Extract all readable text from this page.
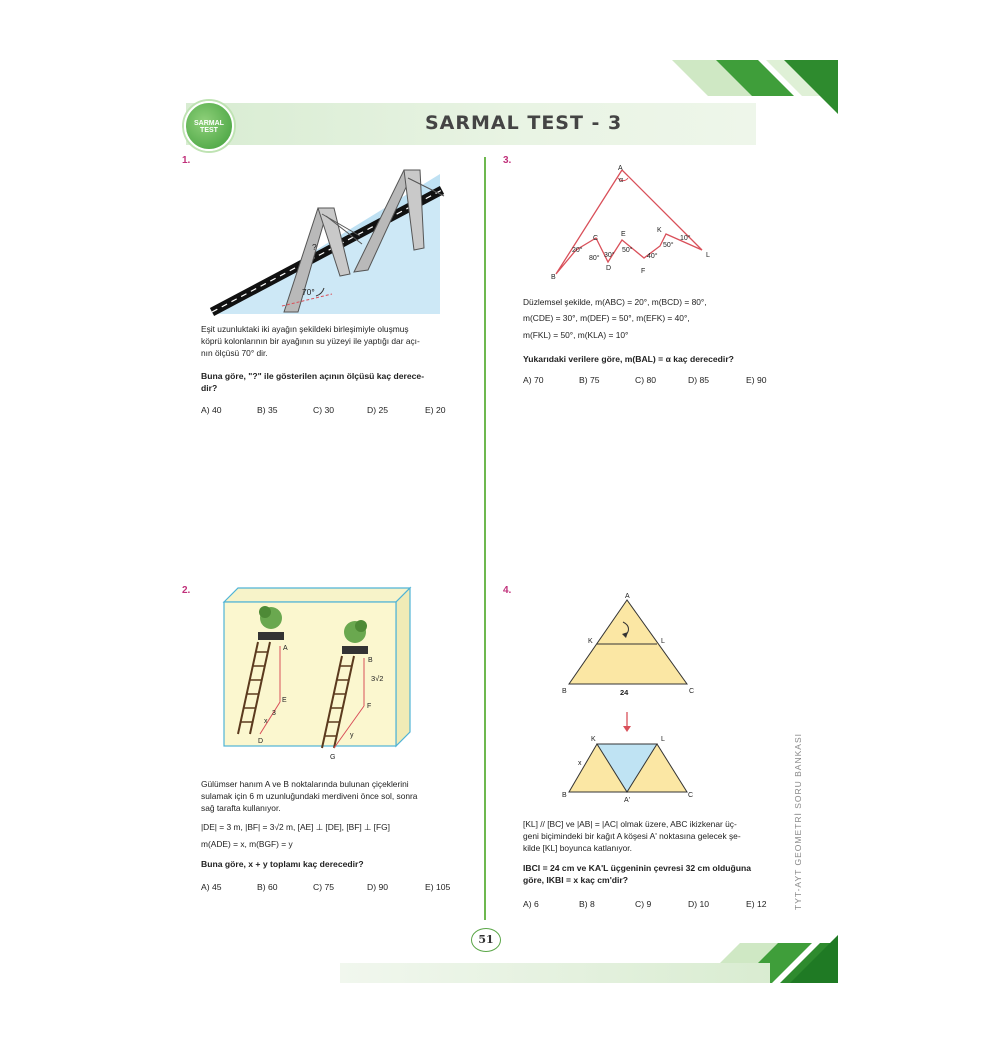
SARMAL TEST	SARMAL TEST - 3
1.
?
70°
Eşit uzunluktaki iki ayağın şekildeki birleşimiyle oluşmuş
köprü kolonlarının bir ayağının su yüzeyi ile yaptığı dar açı-
nın ölçüsü 70° dir.
Buna göre, "?" ile gösterilen açının ölçüsü kaç derece-
dir?
A) 40	B) 35	C) 30	D) 25	E) 20
2.
A
B
3√2
E
F
3
x
y
D
G
Gülümser hanım A ve B noktalarında bulunan çiçeklerini
sulamak için 6 m uzunluğundaki merdiveni önce sol, sonra
sağ tarafta kullanıyor.
|DE| = 3 m, |BF| = 3√2 m, [AE] ⊥ [DE], [BF] ⊥ [FG]
m(ADE) = x, m(BGF) = y
Buna göre, x + y toplamı kaç derecedir?
A) 45	B) 60	C) 75	D) 90	E) 105
3.
A
α
B
C
D
E
F
K
L
20°
80° 30°
50°
40°
50°
10°
Düzlemsel şekilde, m(ABC) = 20°, m(BCD) = 80°,
m(CDE) = 30°, m(DEF) = 50°, m(EFK) = 40°,
m(FKL) = 50°, m(KLA) = 10°
Yukarıdaki verilere göre, m(BAL) = α kaç derecedir?
A) 70	B) 75	C) 80	D) 85	E) 90
4.
A
K	L
B	24	C
K	L
x
B
A'
C
[KL] // [BC] ve |AB| = |AC| olmak üzere, ABC ikizkenar üç-
geni biçimindeki bir kağıt A köşesi A' noktasına gelecek şe-
kilde [KL] boyunca katlanıyor.
IBCI = 24 cm ve KA'L üçgeninin çevresi 32 cm olduğuna
göre, IKBI = x kaç cm'dir?
A) 6	B) 8	C) 9	D) 10	E) 12	TYT-AYT GEOMETRİ SORU BANKASI
51
